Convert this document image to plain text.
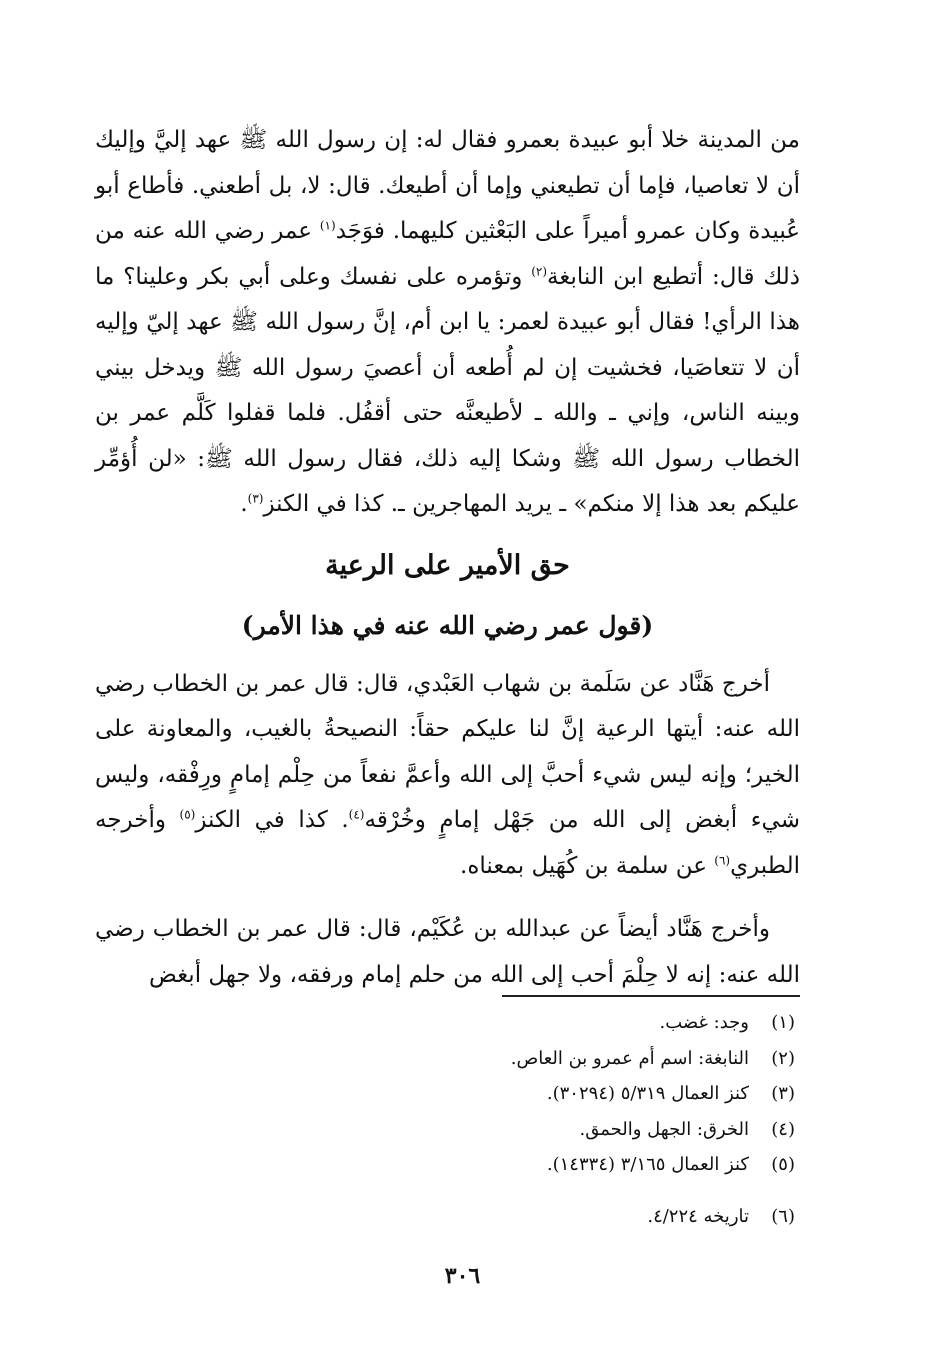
من المدينة خلا أبو عبيدة بعمرو فقال له: إن رسول الله ﷺ عهد إليَّ وإليك أن لا تعاصيا، فإما أن تطيعني وإما أن أطيعك. قال: لا، بل أطعني. فأطاع أبو عُبيدة وكان عمرو أميراً على البَعْثين كليهما. فوَجَد$^{(١)}$ عمر رضي الله عنه من ذلك قال: أتطيع ابن النابغة$^{(٢)}$ وتؤمره على نفسك وعلى أبي بكر وعلينا؟ ما هذا الرأي! فقال أبو عبيدة لعمر: يا ابن أم، إنَّ رسول الله ﷺ عهد إليّ وإليه أن لا تتعاصَيا، فخشيت إن لم أُطعه أن أعصيَ رسول الله ﷺ ويدخل بيني وبينه الناس، وإني ـ والله ـ لأطيعنَّه حتى أقفُل. فلما قفلوا كَلَّم عمر بن الخطاب رسول الله ﷺ وشكا إليه ذلك، فقال رسول الله ﷺ: «لن أُؤمِّر عليكم بعد هذا إلا منكم» ـ يريد المهاجرين ـ. كذا في الكنز$^{(٣)}$.

حق الأمير على الرعية
(قول عمر رضي الله عنه في هذا الأمر)

أخرج هَنَّاد عن سَلَمة بن شهاب العَبْدي، قال: قال عمر بن الخطاب رضي الله عنه: أيتها الرعية إنَّ لنا عليكم حقاً: النصيحةُ بالغيب، والمعاونة على الخير؛ وإنه ليس شيء أحبَّ إلى الله وأعمَّ نفعاً من حِلْم إمامٍ ورِفْقه، وليس شيء أبغض إلى الله من جَهْل إمامٍ وخُرْقه$^{(٤)}$. كذا في الكنز$^{(٥)}$ وأخرجه الطبري$^{(٦)}$ عن سلمة بن كُهَيل بمعناه.

وأخرج هَنَّاد أيضاً عن عبدالله بن عُكَيْم، قال: قال عمر بن الخطاب رضي الله عنه: إنه لا حِلْمَ أحب إلى الله من حلم إمام ورفقه، ولا جهل أبغض

(١)
وجد: غضب.
(٢)
النابغة: اسم أم عمرو بن العاص.
(٣)
كنز العمال ٥/٣١٩ (٣٠٢٩٤).
(٤)
الخرق: الجهل والحمق.
(٥)
كنز العمال ٣/١٦٥ (١٤٣٣٤).
(٦)
تاريخه ٤/٢٢٤.
٣٠٦
